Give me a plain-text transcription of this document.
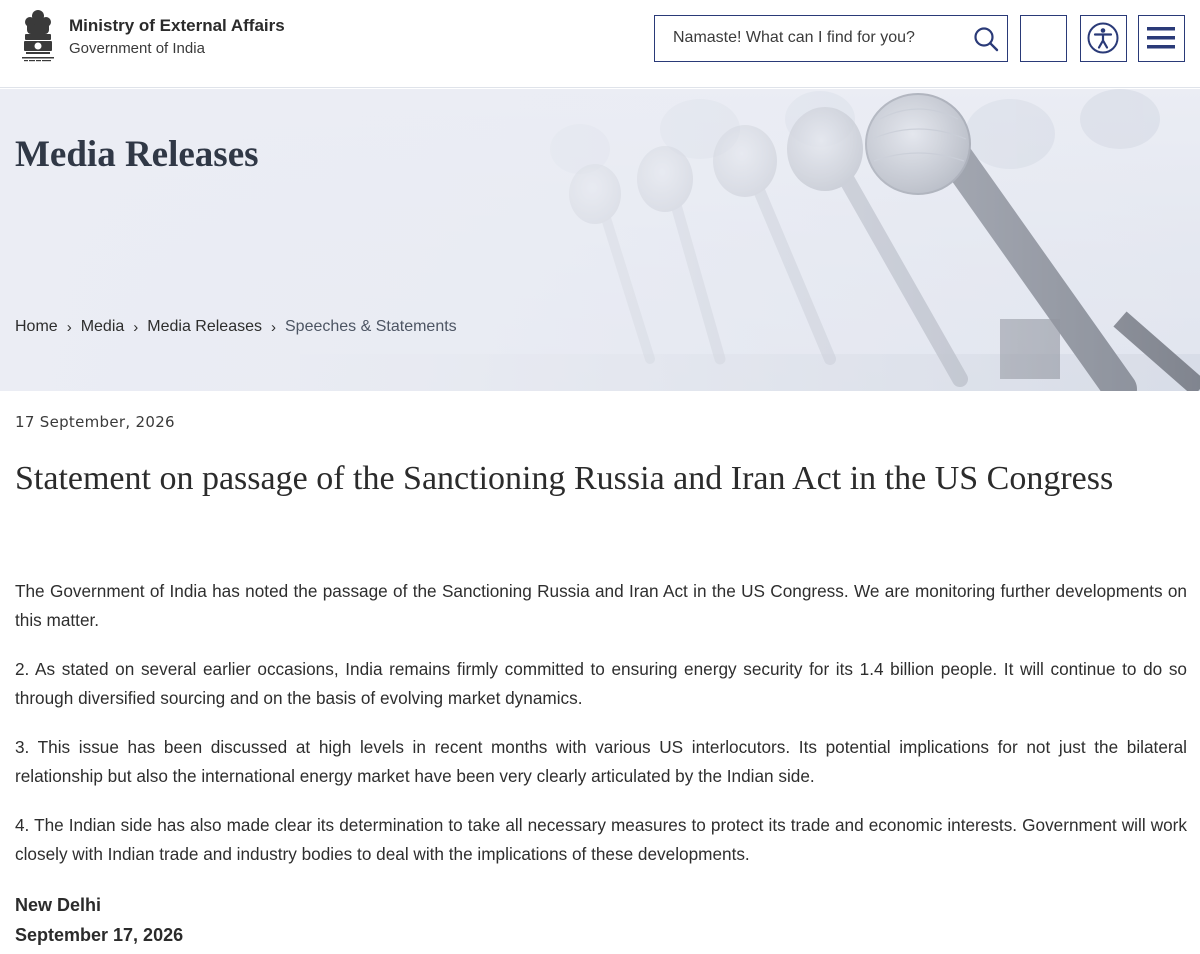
Ministry of External Affairs
Government of India
Namaste! What can I find for you?
Media Releases
Home › Media › Media Releases › Speeches & Statements
17 September, 2026
Statement on passage of the Sanctioning Russia and Iran Act in the US Congress

The Government of India has noted the passage of the Sanctioning Russia and Iran Act in the US Congress. We are monitoring further developments on this matter.

2. As stated on several earlier occasions, India remains firmly committed to ensuring energy security for its 1.4 billion people. It will continue to do so through diversified sourcing and on the basis of evolving market dynamics.

3. This issue has been discussed at high levels in recent months with various US interlocutors. Its potential implications for not just the bilateral relationship but also the international energy market have been very clearly articulated by the Indian side.

4. The Indian side has also made clear its determination to take all necessary measures to protect its trade and economic interests. Government will work closely with Indian trade and industry bodies to deal with the implications of these developments.

New Delhi
September 17, 2026
